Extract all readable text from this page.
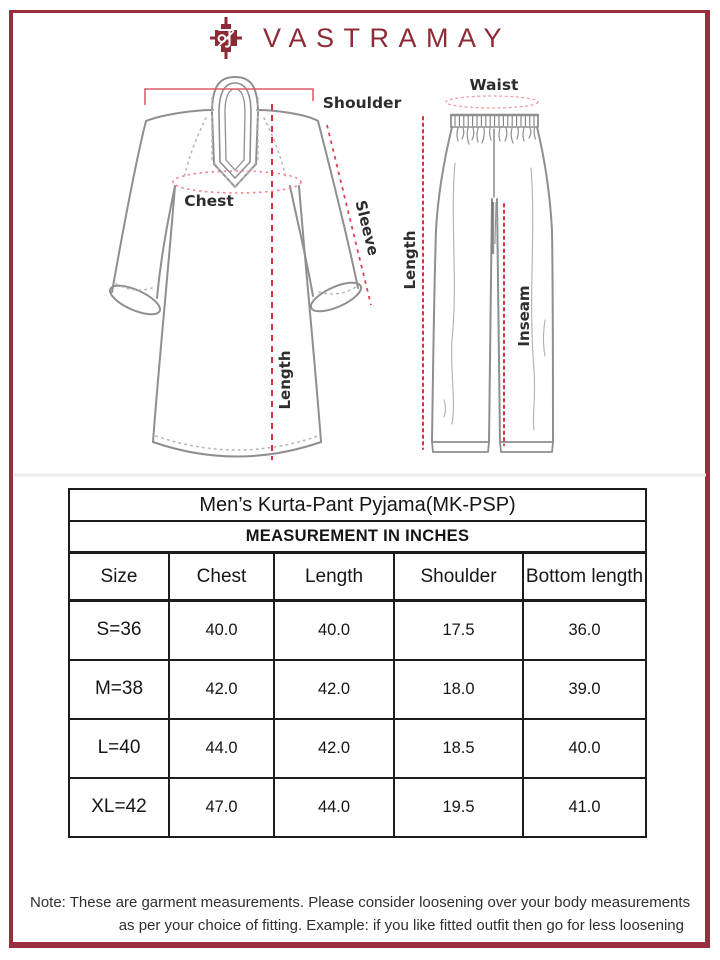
VASTRAMAY
Shoulder
Chest	Sleeve
Length
Waist
Length
Inseam
Men’s Kurta-Pant Pyjama(MK-PSP)				
MEASUREMENT IN INCHES				
Size	Chest	Length	Shoulder	Bottom length
S=36	40.0	40.0	17.5	36.0
M=38	42.0	42.0	18.0	39.0
L=40	44.0	42.0	18.5	40.0
XL=42	47.0	44.0	19.5	41.0
Note: These are garment measurements. Please consider loosening over your body measurements
as per your choice of fitting. Example: if you like fitted outfit then go for less loosening
